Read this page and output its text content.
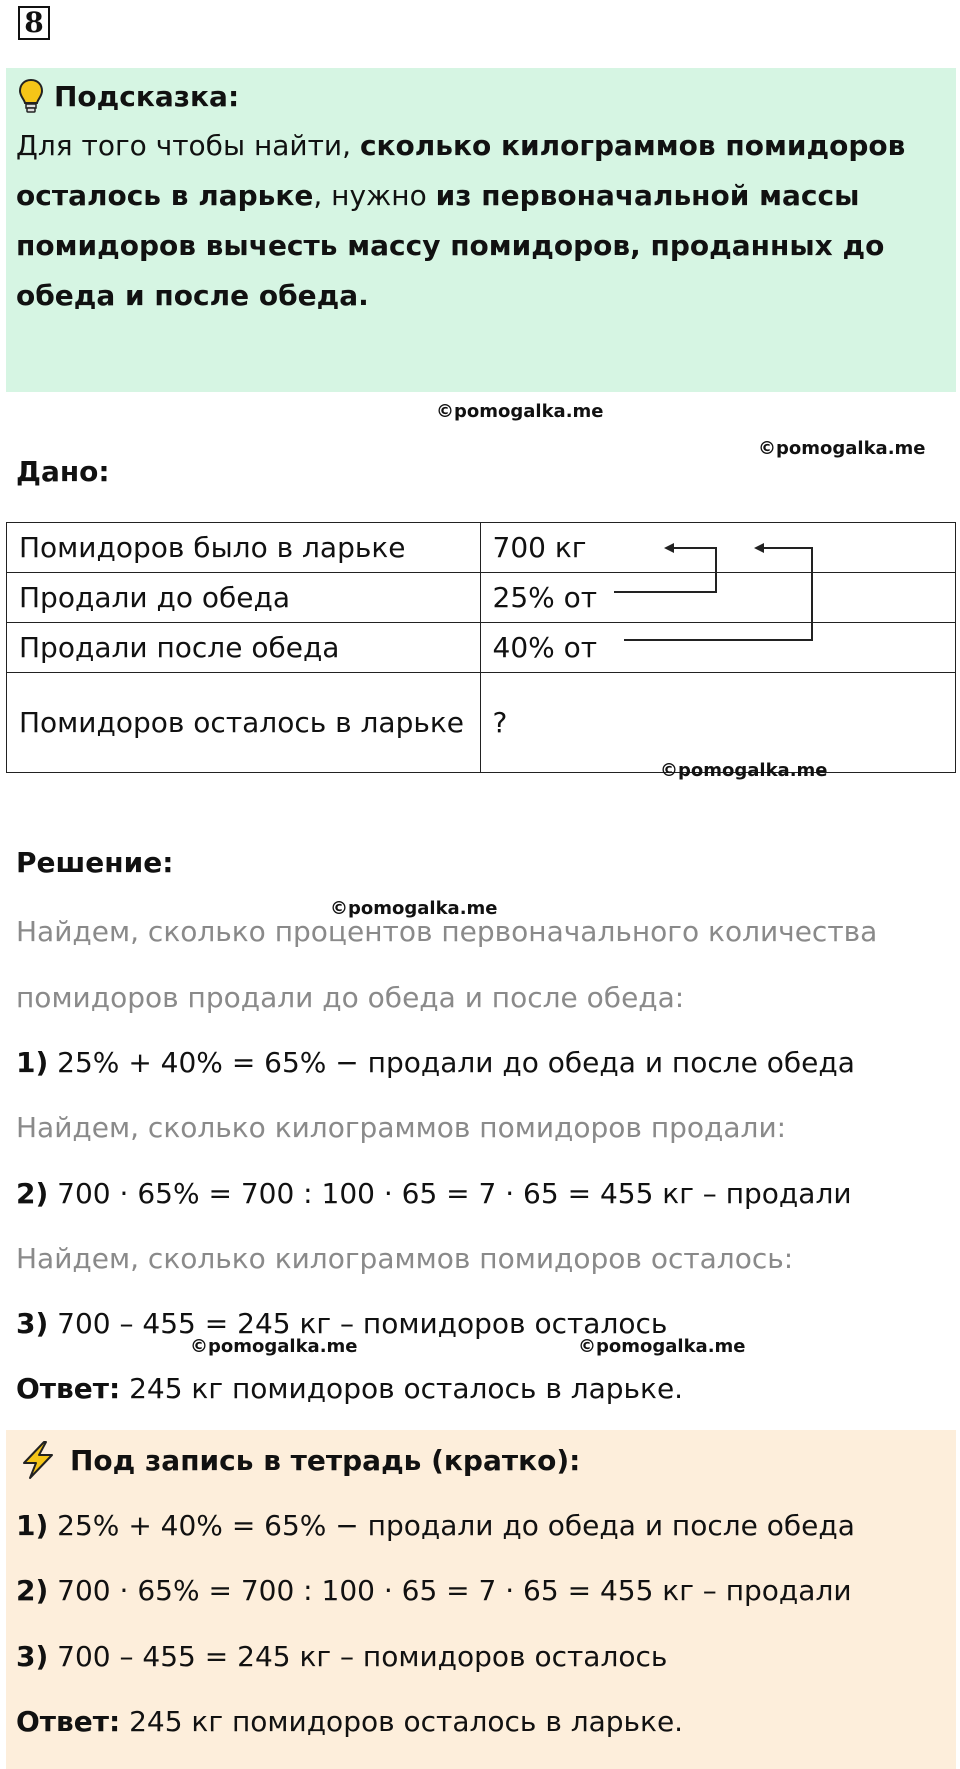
8
Подсказка:
Для того чтобы найти, сколько килограммов помидоров осталось в ларьке, нужно из первоначальной массы помидоров вычесть массу помидоров, проданных до обеда и после обеда.
©pomogalka.me
©pomogalka.me
Дано:
Помидоров было в ларьке	700 кг
Продали до обеда	25% от
Продали после обеда	40% от
Помидоров осталось в ларьке	?
©pomogalka.me
Решение:
©pomogalka.me
Найдем, сколько процентов первоначального количества
помидоров продали до обеда и после обеда:
1) 25% + 40% = 65% − продали до обеда и после обеда
Найдем, сколько килограммов помидоров продали:
2) 700 · 65% = 700 : 100 · 65 = 7 · 65 = 455 кг – продали
Найдем, сколько килограммов помидоров осталось:
3) 700 – 455 = 245 кг – помидоров осталось
©pomogalka.me	©pomogalka.me
Ответ: 245 кг помидоров осталось в ларьке.
Под запись в тетрадь (кратко):
1) 25% + 40% = 65% − продали до обеда и после обеда
2) 700 · 65% = 700 : 100 · 65 = 7 · 65 = 455 кг – продали
3) 700 – 455 = 245 кг – помидоров осталось
Ответ: 245 кг помидоров осталось в ларьке.
